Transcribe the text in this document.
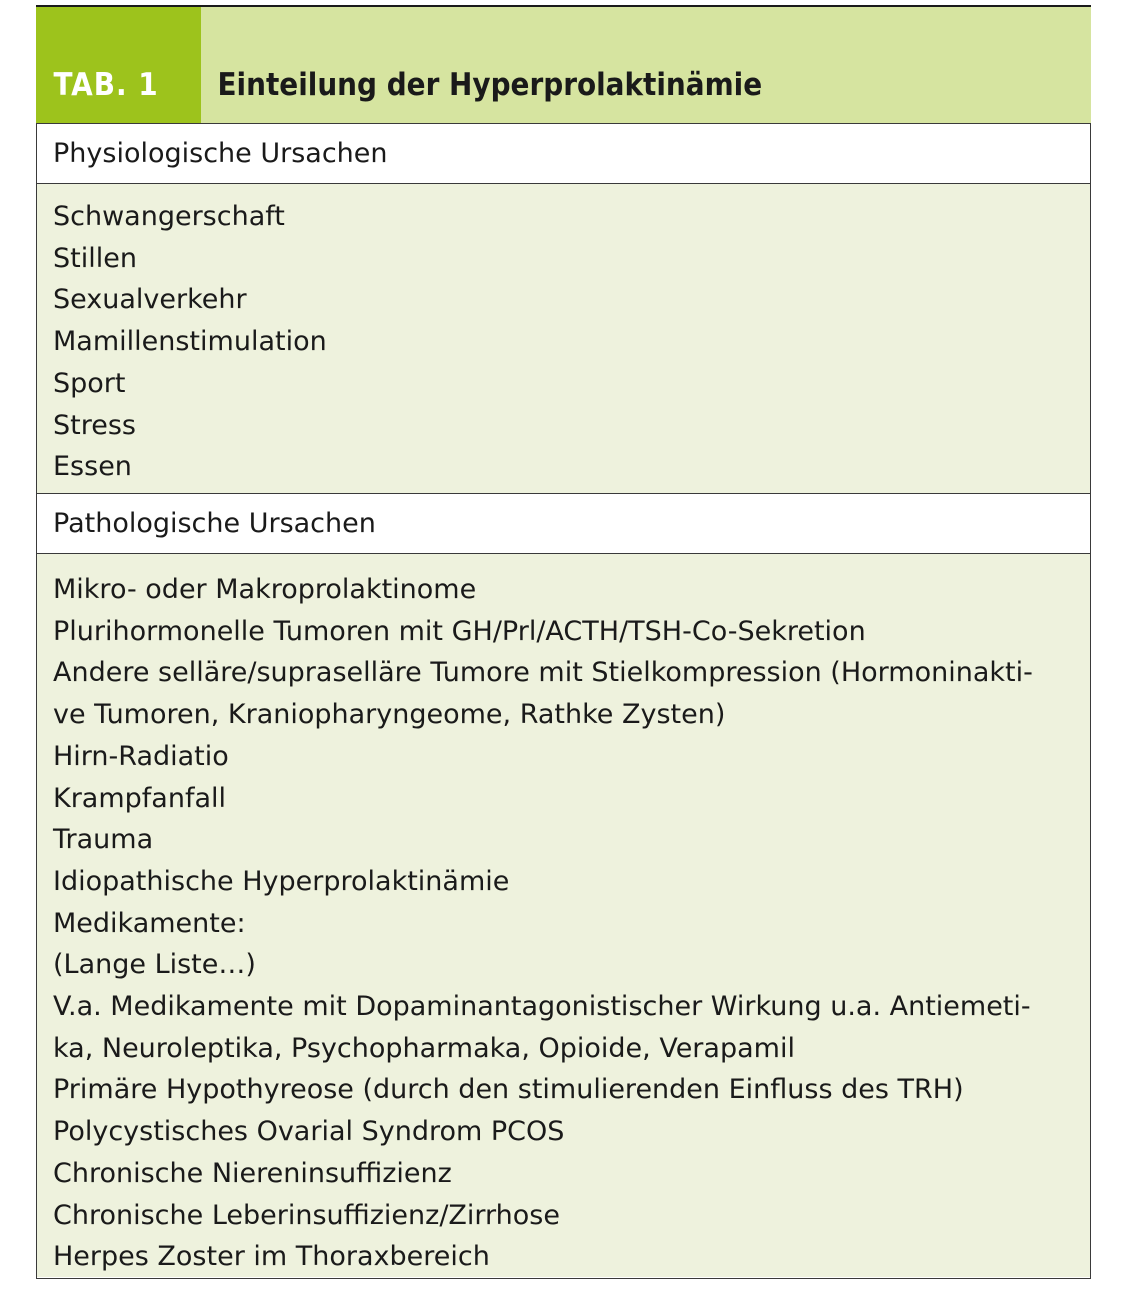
TAB. 1	Einteilung der Hyperprolaktinämie
Physiologische Ursachen
Schwangerschaft
Stillen
Sexualverkehr
Mamillenstimulation
Sport
Stress
Essen
Pathologische Ursachen
Mikro- oder Makroprolaktinome
Plurihormonelle Tumoren mit GH/Prl/ACTH/TSH-Co-Sekretion
Andere selläre/supraselläre Tumore mit Stielkompression (Hormoninakti-
ve Tumoren, Kraniopharyngeome, Rathke Zysten)
Hirn-Radiatio
Krampfanfall
Trauma
Idiopathische Hyperprolaktinämie
Medikamente:
(Lange Liste…)
V.a. Medikamente mit Dopaminantagonistischer Wirkung u.a. Antiemeti-
ka, Neuroleptika, Psychopharmaka, Opioide, Verapamil
Primäre Hypothyreose (durch den stimulierenden Einfluss des TRH)
Polycystisches Ovarial Syndrom PCOS
Chronische Niereninsuffizienz
Chronische Leberinsuffizienz/Zirrhose
Herpes Zoster im Thoraxbereich
